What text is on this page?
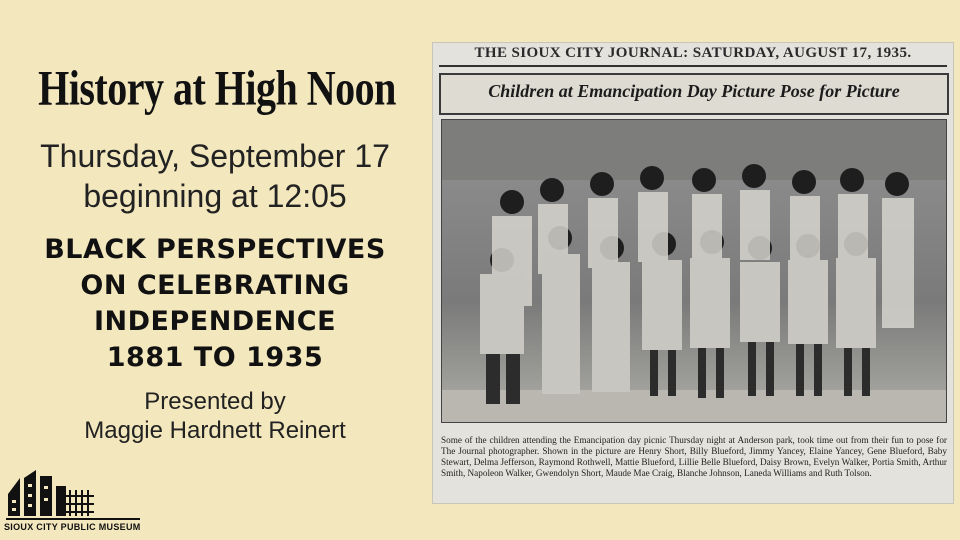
History at High Noon
Thursday, September 17
beginning at 12:05
BLACK PERSPECTIVES
ON CELEBRATING
INDEPENDENCE
1881 TO 1935
Presented by
Maggie Hardnett Reinert
SIOUX CITY PUBLIC MUSEUM
THE SIOUX CITY JOURNAL: SATURDAY, AUGUST 17, 1935.
Children at Emancipation Day Picture Pose for Picture
Some of the children attending the Emancipation day picnic Thursday night at Anderson park, took time out from their fun to pose for The Journal photographer. Shown in the picture are Henry Short, Billy Blueford, Jimmy Yancey, Elaine Yancey, Gene Blueford, Baby Stewart, Delma Jefferson, Raymond Rothwell, Mattie Blueford, Lillie Belle Blueford, Daisy Brown, Evelyn Walker, Portia Smith, Arthur Smith, Napoleon Walker, Gwendolyn Short, Maude Mae Craig, Blanche Johnson, Laneda Williams and Ruth Tolson.
